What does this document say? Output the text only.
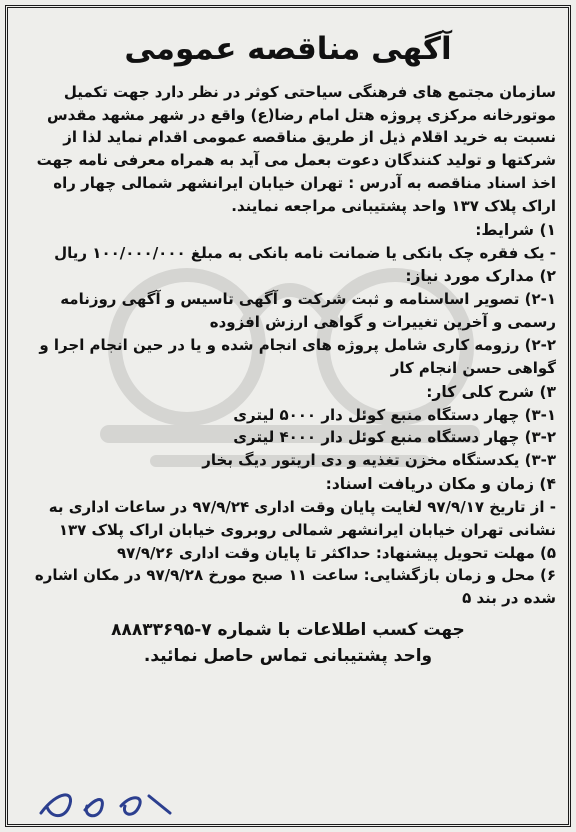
آگهی مناقصه عمومی

سازمان مجتمع های فرهنگی سیاحتی کوثر در نظر دارد جهت تکمیل موتورخانه مرکزی پروژه هتل امام رضا(ع) واقع در شهر مشهد مقدس نسبت به خرید اقلام ذیل از طریق مناقصه عمومی اقدام نماید لذا از شرکتها و تولید کنندگان دعوت بعمل می آید به همراه معرفی نامه جهت اخذ اسناد مناقصه به آدرس : تهران خیابان ایرانشهر شمالی چهار راه اراک پلاک ۱۳۷ واحد پشتیبانی مراجعه نمایند.

۱) شرایط:
- یک فقره چک بانکی یا ضمانت نامه بانکی به مبلغ ۱۰۰/۰۰۰/۰۰۰ ریال
۲) مدارک مورد نیاز:
۲-۱) تصویر اساسنامه و ثبت شرکت و آگهی تاسیس و آگهی روزنامه رسمی و آخرین تغییرات و گواهی ارزش افزوده
۲-۲) رزومه کاری شامل پروژه های انجام شده و یا در حین انجام اجرا و گواهی حسن انجام کار
۳) شرح کلی کار:
۳-۱) چهار دستگاه منبع کوئل دار ۵۰۰۰ لیتری
۳-۲) چهار دستگاه منبع کوئل دار ۴۰۰۰ لیتری
۳-۳) یکدستگاه مخزن تغذیه و دی اریتور دیگ بخار
۴) زمان و مکان دریافت اسناد:
- از تاریخ ۹۷/۹/۱۷ لغایت پایان وقت اداری ۹۷/۹/۲۴ در ساعات اداری به نشانی تهران خیابان ایرانشهر شمالی روبروی خیابان اراک پلاک ۱۳۷
۵) مهلت تحویل پیشنهاد: حداکثر تا پایان وقت اداری ۹۷/۹/۲۶
۶) محل و زمان بازگشایی: ساعت ۱۱ صبح مورخ ۹۷/۹/۲۸ در مکان اشاره شده در بند ۵
جهت کسب اطلاعات با شماره ۷-۸۸۸۳۳۶۹۵
واحد پشتیبانی تماس حاصل نمائید.
